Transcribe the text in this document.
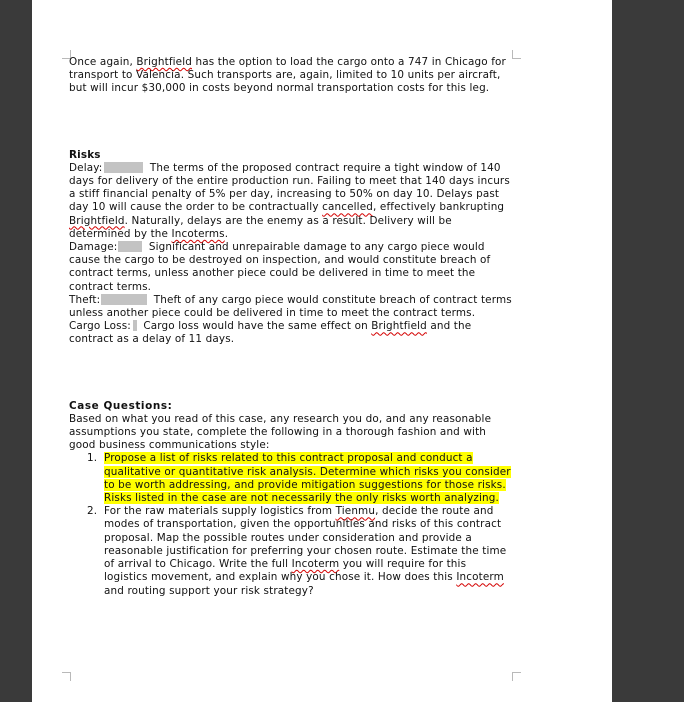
Once again, Brightfield has the option to load the cargo onto a 747 in Chicago for transport to Valencia. Such transports are, again, limited to 10 units per aircraft, but will incur $30,000 in costs beyond normal transportation costs for this leg.

Risks

Delay:	The terms of the proposed contract require a tight window of 140 days for delivery of the entire production run. Failing to meet that 140 days incurs a stiff financial penalty of 5% per day, increasing to 50% on day 10. Delays past day 10 will cause the order to be contractually cancelled, effectively bankrupting Brightfield. Naturally, delays are the enemy as a result. Delivery will be determined by the Incoterms.

Damage:	Significant and unrepairable damage to any cargo piece would cause the cargo to be destroyed on inspection, and would constitute breach of contract terms, unless another piece could be delivered in time to meet the contract terms.

Theft:	Theft of any cargo piece would constitute breach of contract terms unless another piece could be delivered in time to meet the contract terms.

Cargo Loss: Cargo loss would have the same effect on Brightfield and the contract as a delay of 11 days.

Case Questions:

Based on what you read of this case, any research you do, and any reasonable assumptions you state, complete the following in a thorough fashion and with good business communications style:

1. Propose a list of risks related to this contract proposal and conduct a qualitative or quantitative risk analysis. Determine which risks you consider to be worth addressing, and provide mitigation suggestions for those risks. Risks listed in the case are not necessarily the only risks worth analyzing.
2. For the raw materials supply logistics from Tienmu, decide the route and modes of transportation, given the opportunities and risks of this contract proposal. Map the possible routes under consideration and provide a reasonable justification for preferring your chosen route. Estimate the time of arrival to Chicago. Write the full Incoterm you will require for this logistics movement, and explain why you chose it. How does this Incoterm and routing support your risk strategy?
